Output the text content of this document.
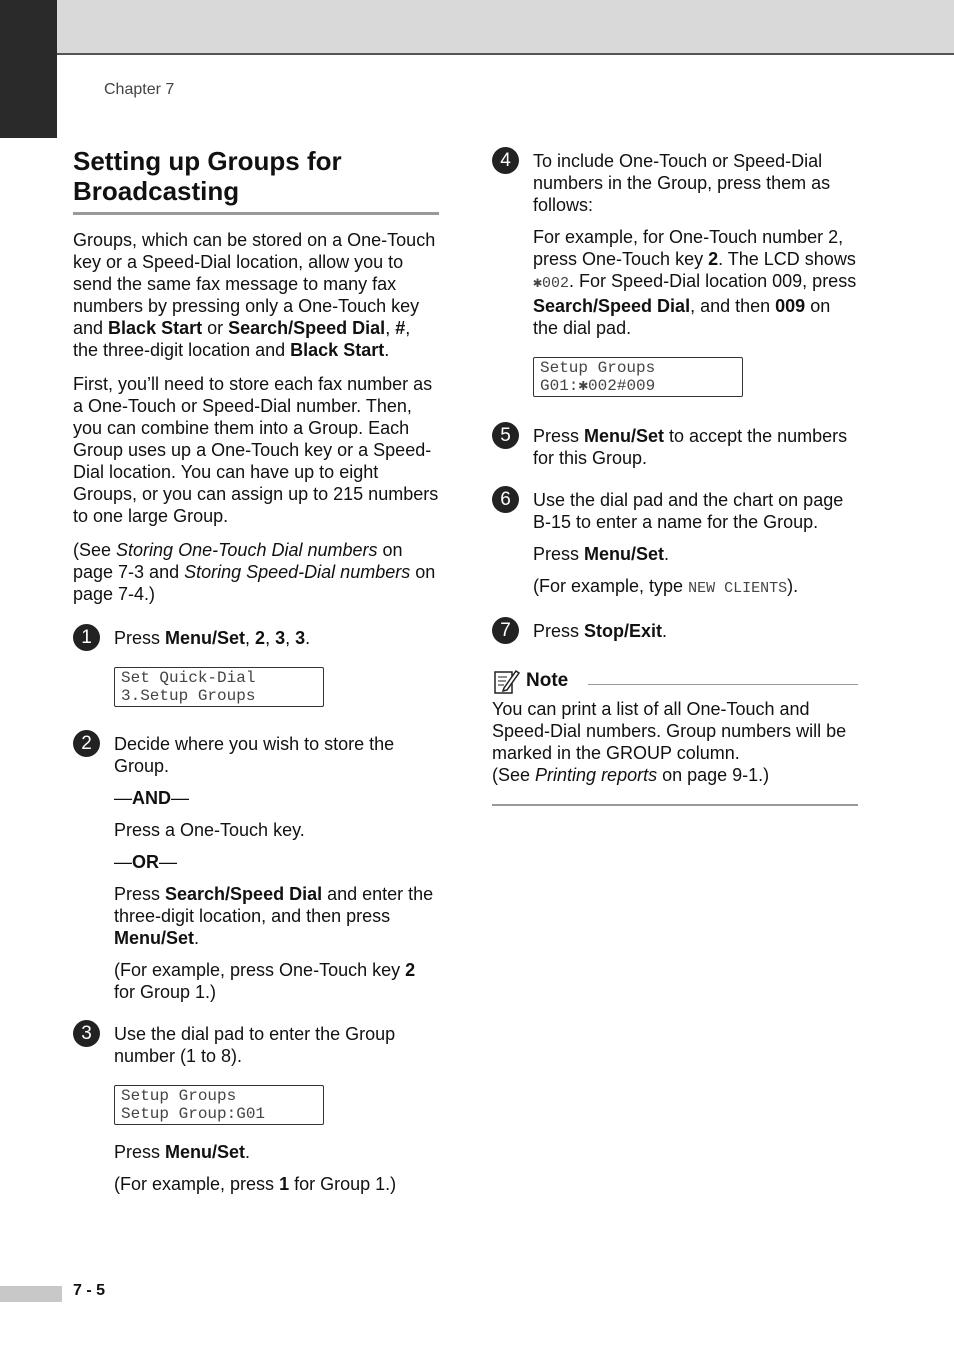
Chapter 7
Setting up Groups for
Broadcasting

Groups, which can be stored on a One-Touch key or a Speed-Dial location, allow you to send the same fax message to many fax numbers by pressing only a One-Touch key and Black Start or Search/Speed Dial, #, the three-digit location and Black Start.

First, you’ll need to store each fax number as a One-Touch or Speed-Dial number. Then, you can combine them into a Group. Each Group uses up a One-Touch key or a Speed-Dial location. You can have up to eight Groups, or you can assign up to 215 numbers to one large Group.

(See Storing One-Touch Dial numbers on page 7-3 and Storing Speed-Dial numbers on page 7-4.)

1	Press Menu/Set, 2, 3, 3.

Set Quick-Dial
3.Setup Groups
2	Decide where you wish to store the Group.

—AND—

Press a One-Touch key.

—OR—

Press Search/Speed Dial and enter the three-digit location, and then press Menu/Set.

(For example, press One-Touch key 2 for Group 1.)

3	Use the dial pad to enter the Group number (1 to 8).

Setup Groups
Setup Group:G01

Press Menu/Set.

(For example, press 1 for Group 1.)

4	To include One-Touch or Speed-Dial numbers in the Group, press them as follows:

For example, for One-Touch number 2, press One-Touch key 2. The LCD shows ✱002. For Speed-Dial location 009, press Search/Speed Dial, and then 009 on the dial pad.

Setup Groups
G01:✱002#009
5	Press Menu/Set to accept the numbers for this Group.

6	Use the dial pad and the chart on page B-15 to enter a name for the Group.

Press Menu/Set.

(For example, type NEW CLIENTS).

7	Press Stop/Exit.

Note

You can print a list of all One-Touch and Speed-Dial numbers. Group numbers will be marked in the GROUP column.

(See Printing reports on page 9-1.)

7 - 5
